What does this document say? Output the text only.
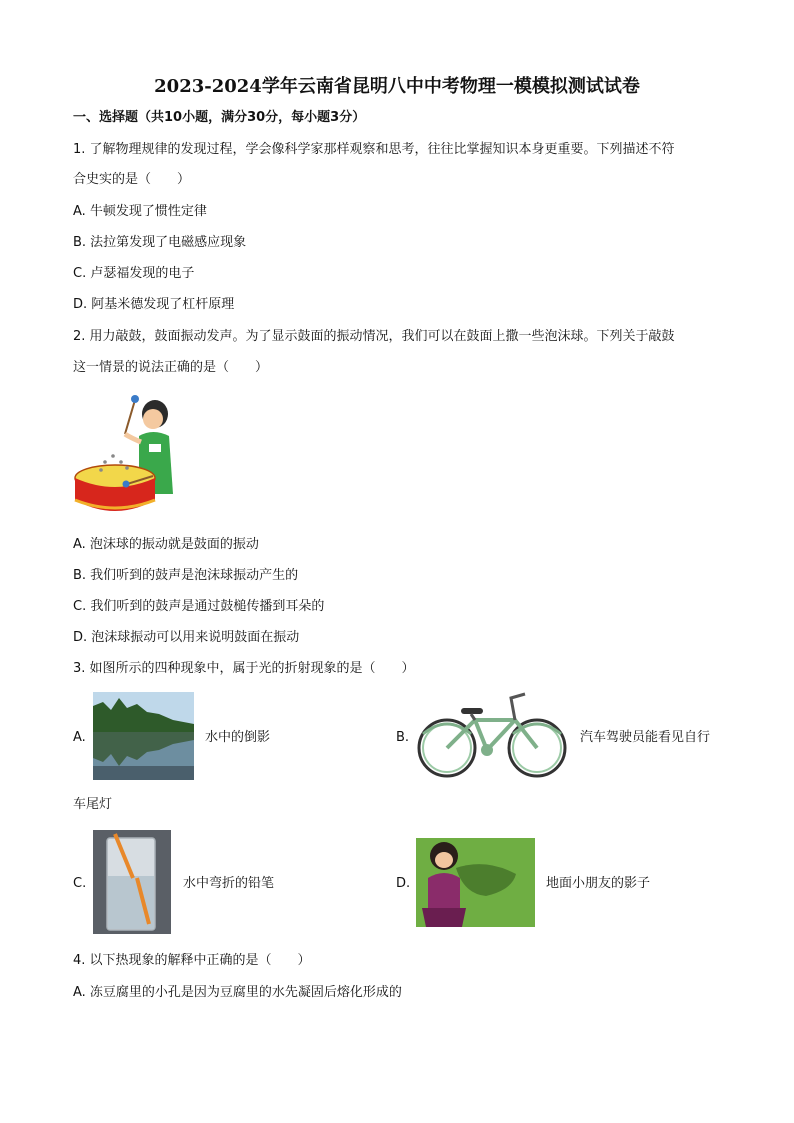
2023-2024学年云南省昆明八中中考物理一模模拟测试试卷
一、选择题（共10小题，满分30分，每小题3分）
1. 了解物理规律的发现过程，学会像科学家那样观察和思考，往往比掌握知识本身更重要。下列描述不符
合史实的是（　　）
A. 牛顿发现了惯性定律
B. 法拉第发现了电磁感应现象
C. 卢瑟福发现的电子
D. 阿基米德发现了杠杆原理
2. 用力敲鼓，鼓面振动发声。为了显示鼓面的振动情况，我们可以在鼓面上撒一些泡沫球。下列关于敲鼓
这一情景的说法正确的是（　　）
A. 泡沫球的振动就是鼓面的振动
B. 我们听到的鼓声是泡沫球振动产生的
C. 我们听到的鼓声是通过鼓槌传播到耳朵的
D. 泡沫球振动可以用来说明鼓面在振动
3. 如图所示的四种现象中，属于光的折射现象的是（　　）
A.	水中的倒影	B.	汽车驾驶员能看见自行
车尾灯
C.	水中弯折的铅笔	D.	地面小朋友的影子
4. 以下热现象的解释中正确的是（　　）
A. 冻豆腐里的小孔是因为豆腐里的水先凝固后熔化形成的
